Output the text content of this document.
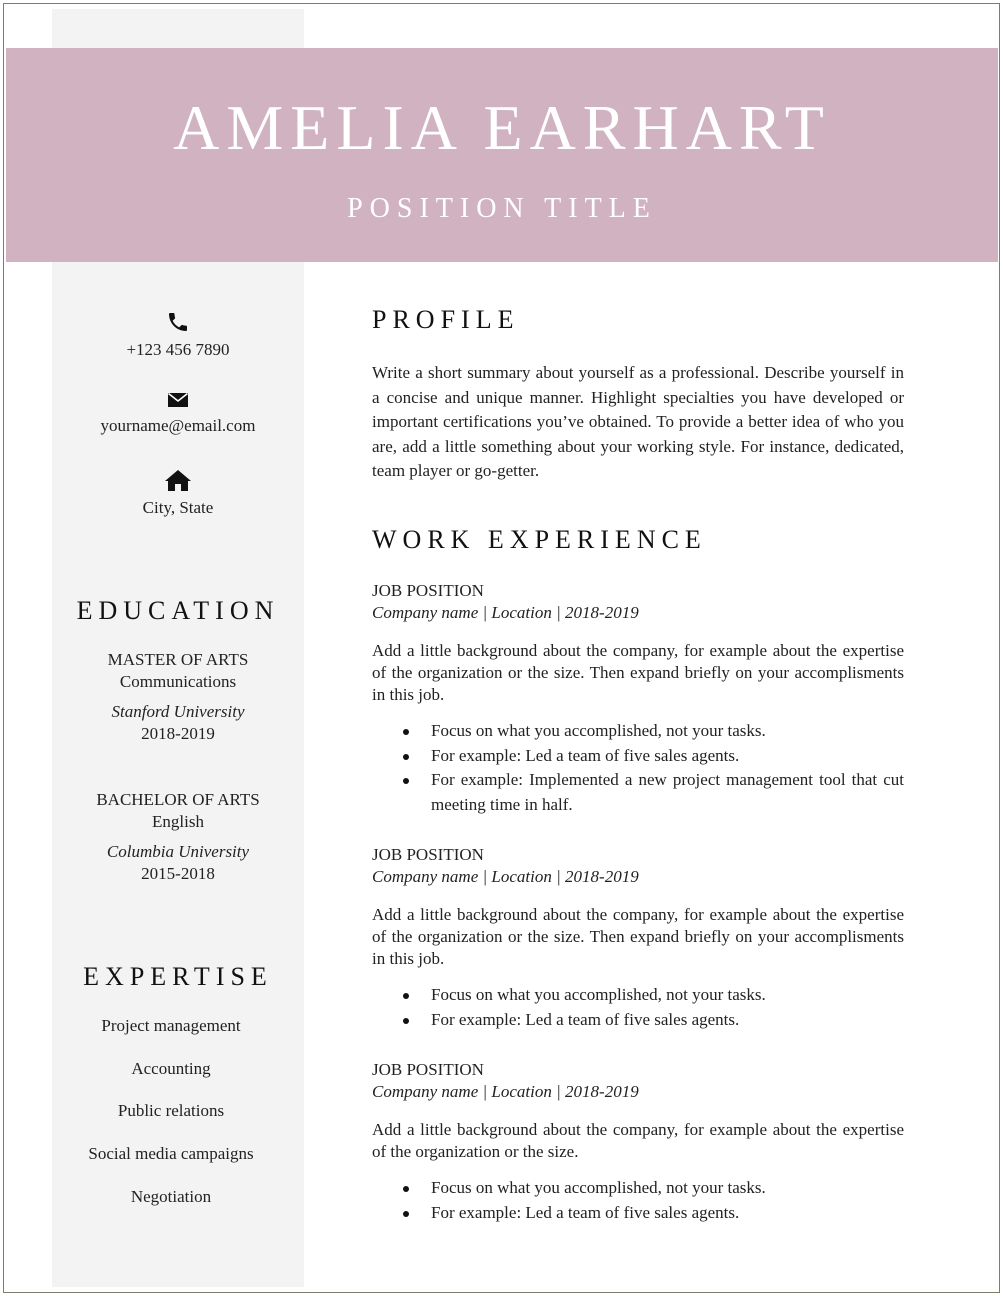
AMELIA EARHART
POSITION TITLE
+123 456 7890
yourname@email.com
City, State
EDUCATION
MASTER OF ARTS
Communications
Stanford University
2018-2019
BACHELOR OF ARTS
English
Columbia University
2015-2018
EXPERTISE
Project management
Accounting
Public relations
Social media campaigns
Negotiation
PROFILE
Write a short summary about yourself as a professional. Describe yourself in a concise and unique manner. Highlight specialties you have developed or important certifications you’ve obtained. To provide a better idea of who you are, add a little something about your working style. For instance, dedicated, team player or go-getter.
WORK EXPERIENCE
JOB POSITION
Company name | Location | 2018-2019
Add a little background about the company, for example about the expertise of the organization or the size. Then expand briefly on your accomplisments in this job.
Focus on what you accomplished, not your tasks.
For example: Led a team of five sales agents.
For example: Implemented a new project management tool that cut meeting time in half.
JOB POSITION
Company name | Location | 2018-2019
Add a little background about the company, for example about the expertise of the organization or the size. Then expand briefly on your accomplisments in this job.
Focus on what you accomplished, not your tasks.
For example: Led a team of five sales agents.
JOB POSITION
Company name | Location | 2018-2019
Add a little background about the company, for example about the expertise of the organization or the size.
Focus on what you accomplished, not your tasks.
For example: Led a team of five sales agents.
